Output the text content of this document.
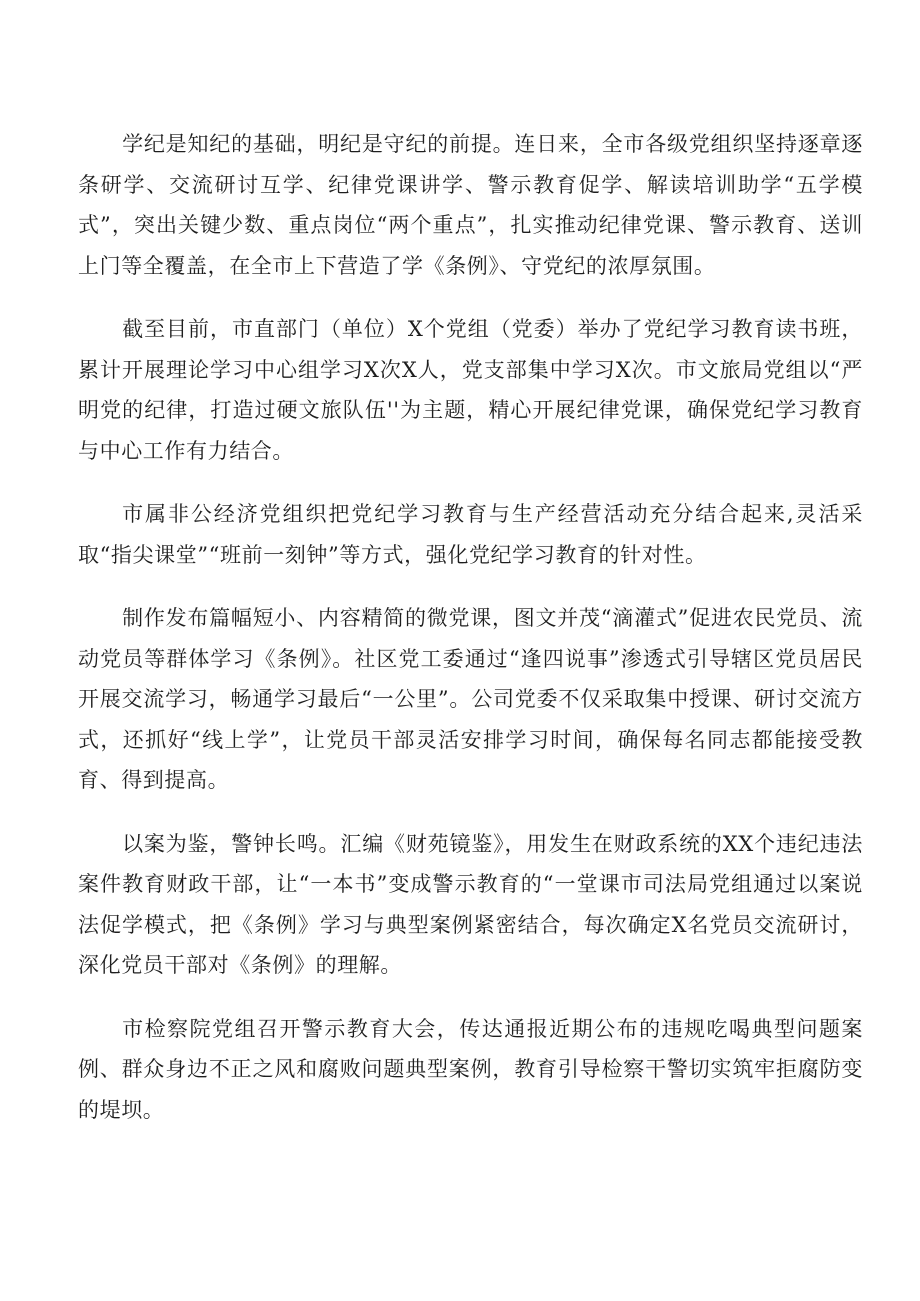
学纪是知纪的基础，明纪是守纪的前提。连日来，全市各级党组织坚持逐章逐条研学、交流研讨互学、纪律党课讲学、警示教育促学、解读培训助学“五学模式”，突出关键少数、重点岗位“两个重点”，扎实推动纪律党课、警示教育、送训上门等全覆盖，在全市上下营造了学《条例》、守党纪的浓厚氛围。

截至目前，市直部门（单位）X个党组（党委）举办了党纪学习教育读书班，累计开展理论学习中心组学习X次X人，党支部集中学习X次。市文旅局党组以“严明党的纪律，打造过硬文旅队伍''为主题，精心开展纪律党课，确保党纪学习教育与中心工作有力结合。

市属非公经济党组织把党纪学习教育与生产经营活动充分结合起来,灵活采取“指尖课堂”“班前一刻钟”等方式，强化党纪学习教育的针对性。

制作发布篇幅短小、内容精简的微党课，图文并茂“滴灌式”促进农民党员、流动党员等群体学习《条例》。社区党工委通过“逢四说事”渗透式引导辖区党员居民开展交流学习，畅通学习最后“一公里”。公司党委不仅采取集中授课、研讨交流方式，还抓好“线上学”，让党员干部灵活安排学习时间，确保每名同志都能接受教育、得到提高。

以案为鉴，警钟长鸣。汇编《财苑镜鉴》，用发生在财政系统的XX个违纪违法案件教育财政干部，让“一本书”变成警示教育的“一堂课市司法局党组通过以案说法促学模式，把《条例》学习与典型案例紧密结合，每次确定X名党员交流研讨，深化党员干部对《条例》的理解。

市检察院党组召开警示教育大会，传达通报近期公布的违规吃喝典型问题案例、群众身边不正之风和腐败问题典型案例，教育引导检察干警切实筑牢拒腐防变的堤坝。
